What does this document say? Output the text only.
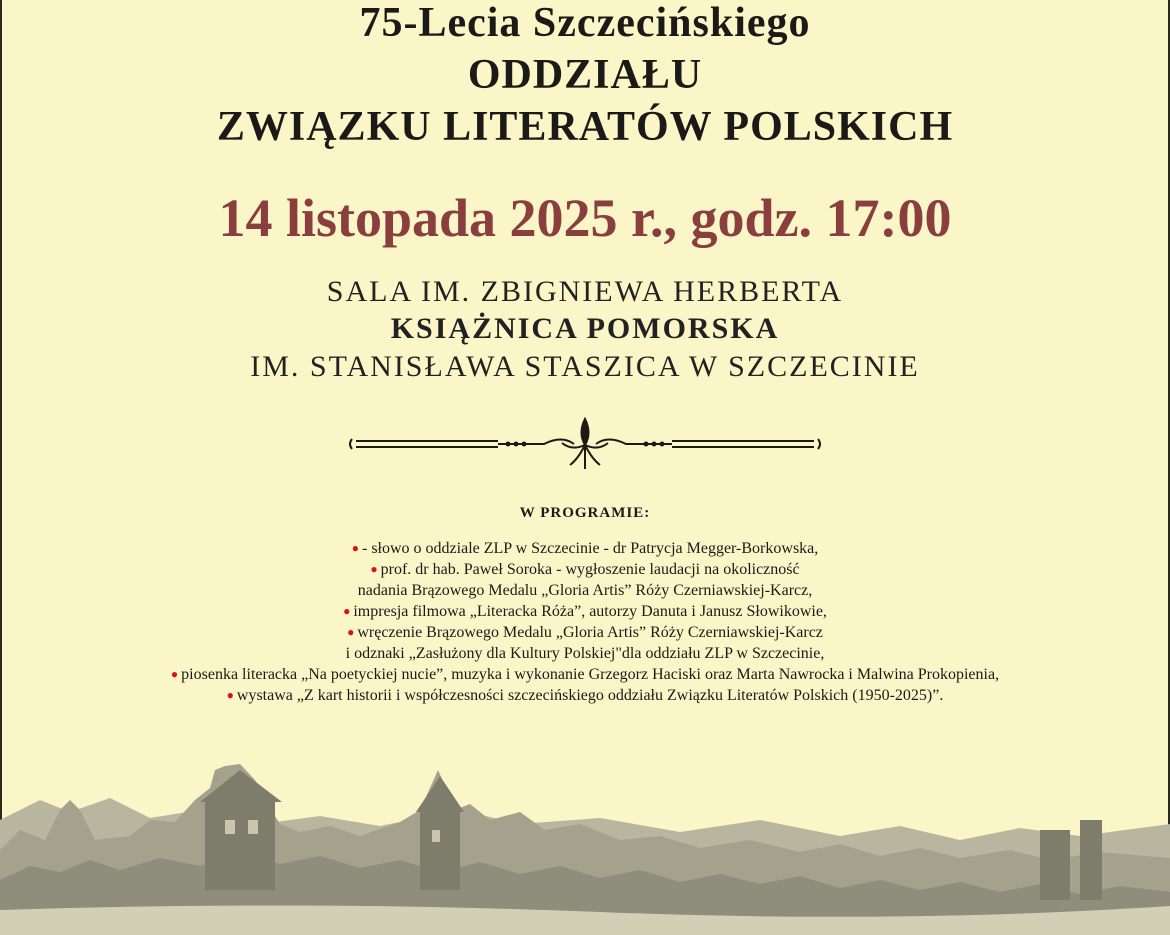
75-Lecia Szczecińskiego
ODDZIAŁU
ZWIĄZKU LITERATÓW POLSKICH
14 listopada 2025 r., godz. 17:00
SALA IM. ZBIGNIEWA HERBERTA
KSIĄŻNICA POMORSKA
IM. STANISŁAWA STASZICA W SZCZECINIE
W PROGRAMIE:
● - słowo o oddziale ZLP w Szczecinie - dr Patrycja Megger-Borkowska,
● prof. dr hab. Paweł Soroka - wygłoszenie laudacji na okoliczność
nadania Brązowego Medalu „Gloria Artis” Róży Czerniawskiej-Karcz,
● impresja filmowa „Literacka Róża”, autorzy Danuta i Janusz Słowikowie,
● wręczenie Brązowego Medalu „Gloria Artis” Róży Czerniawskiej-Karcz
i odznaki „Zasłużony dla Kultury Polskiej"dla oddziału ZLP w Szczecinie,
● piosenka literacka „Na poetyckiej nucie”, muzyka i wykonanie Grzegorz Haciski oraz Marta Nawrocka i Malwina Prokopienia,
● wystawa „Z kart historii i współczesności szczecińskiego oddziału Związku Literatów Polskich (1950-2025)”.
